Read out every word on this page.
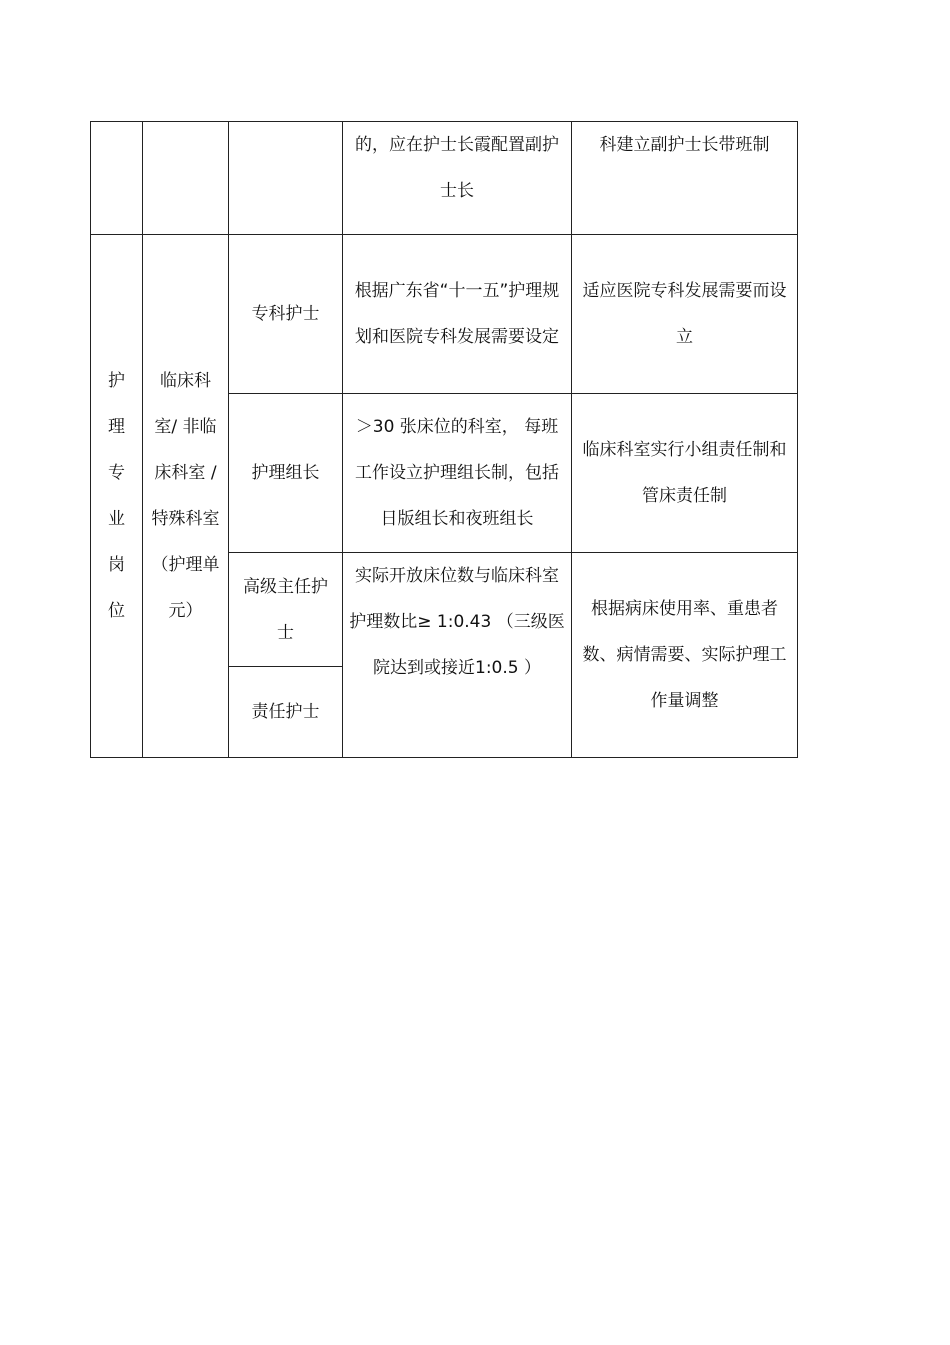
			的，应在护士长霞配置副护士长	科建立副护士长带班制

护理专业岗位	临床科室/ 非临床科室 / 特殊科室（护理单元）	专科护士	根据广东省“十一五”护理规划和医院专科发展需要设定	适应医院专科发展需要而设立

		护理组长	＞30 张床位的科室， 每班工作设立护理组长制，包括日版组长和夜班组长	临床科室实行小组责任制和管床责任制

		高级主任护士	实际开放床位数与临床科室护理数比≥ 1:0.43 （三级医院达到或接近1:0.5 ）	根据病床使用率、重患者数、病情需要、实际护理工作量调整

		责任护士		
